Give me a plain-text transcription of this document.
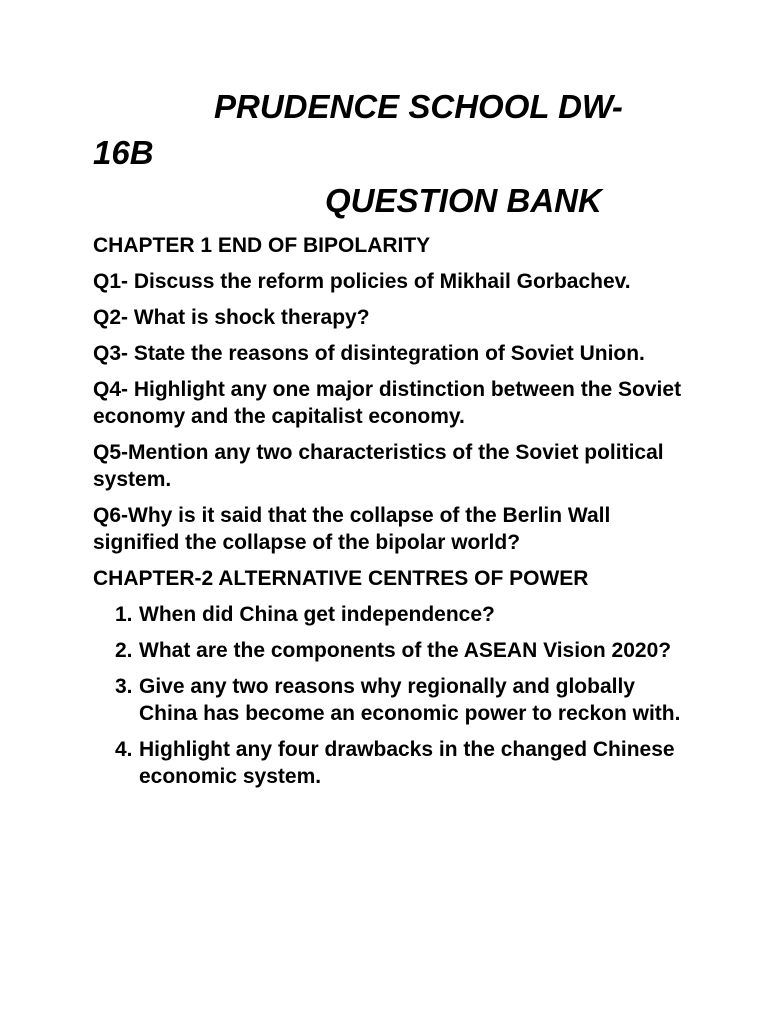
PRUDENCE SCHOOL DW-
16B
QUESTION BANK

CHAPTER 1 END OF BIPOLARITY

Q1- Discuss the reform policies of Mikhail Gorbachev.

Q2- What is shock therapy?

Q3- State the reasons of disintegration of Soviet Union.

Q4- Highlight any one major distinction between the Soviet economy and the capitalist economy.

Q5-Mention any two characteristics of the Soviet political system.

Q6-Why is it said that the collapse of the Berlin Wall signified the collapse of the bipolar world?

CHAPTER-2 ALTERNATIVE CENTRES OF POWER

1. When did China get independence?
2. What are the components of the ASEAN Vision 2020?
3. Give any two reasons why regionally and globally China has become an economic power to reckon with.
4. Highlight any four drawbacks in the changed Chinese economic system.
